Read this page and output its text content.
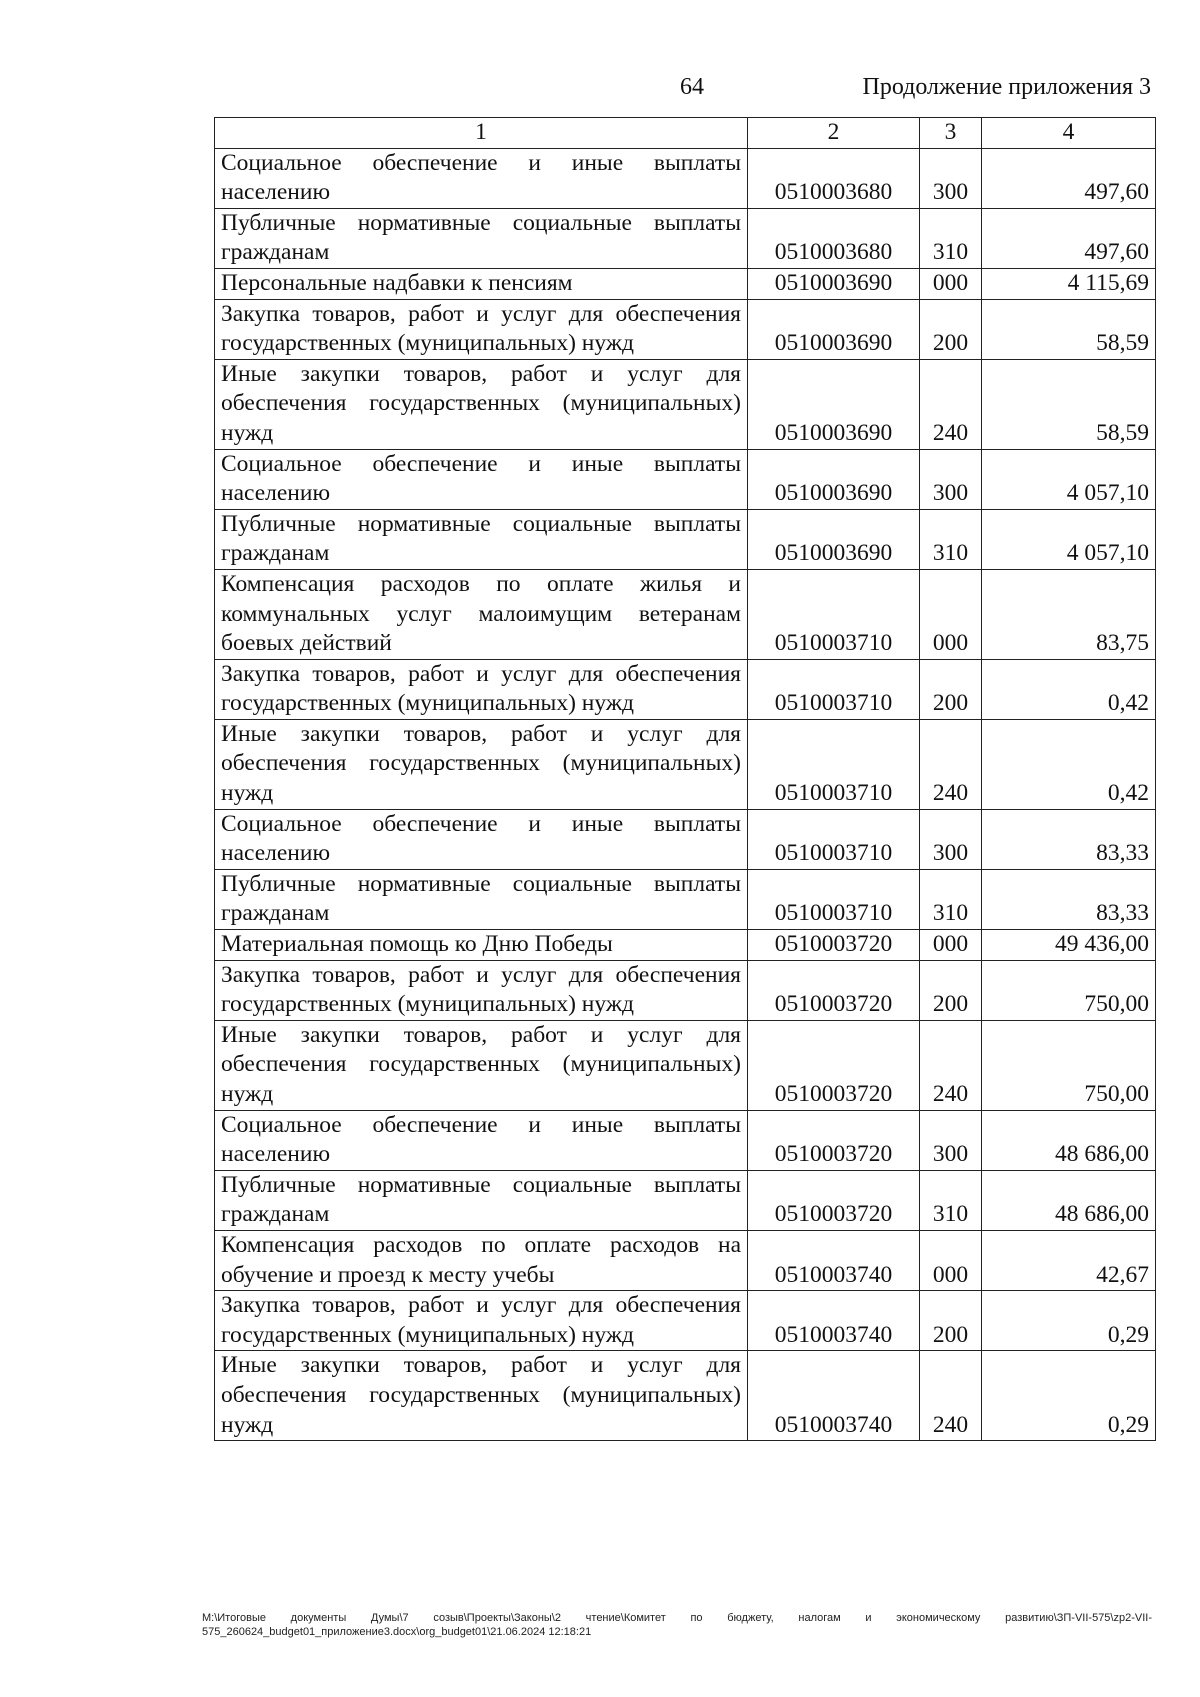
64	Продолжение приложения 3
1	2	3	4
Социальное обеспечение и иные выплаты населению	0510003680	300	497,60
Публичные нормативные социальные выплаты гражданам	0510003680	310	497,60
Персональные надбавки к пенсиям	0510003690	000	4 115,69
Закупка товаров, работ и услуг для обеспечения государственных (муниципальных) нужд	0510003690	200	58,59
Иные закупки товаров, работ и услуг для обеспечения государственных (муниципальных) нужд	0510003690	240	58,59
Социальное обеспечение и иные выплаты населению	0510003690	300	4 057,10
Публичные нормативные социальные выплаты гражданам	0510003690	310	4 057,10
Компенсация расходов по оплате жилья и коммунальных услуг малоимущим ветеранам боевых действий	0510003710	000	83,75
Закупка товаров, работ и услуг для обеспечения государственных (муниципальных) нужд	0510003710	200	0,42
Иные закупки товаров, работ и услуг для обеспечения государственных (муниципальных) нужд	0510003710	240	0,42
Социальное обеспечение и иные выплаты населению	0510003710	300	83,33
Публичные нормативные социальные выплаты гражданам	0510003710	310	83,33
Материальная помощь ко Дню Победы	0510003720	000	49 436,00
Закупка товаров, работ и услуг для обеспечения государственных (муниципальных) нужд	0510003720	200	750,00
Иные закупки товаров, работ и услуг для обеспечения государственных (муниципальных) нужд	0510003720	240	750,00
Социальное обеспечение и иные выплаты населению	0510003720	300	48 686,00
Публичные нормативные социальные выплаты гражданам	0510003720	310	48 686,00
Компенсация расходов по оплате расходов на обучение и проезд к месту учебы	0510003740	000	42,67
Закупка товаров, работ и услуг для обеспечения государственных (муниципальных) нужд	0510003740	200	0,29
Иные закупки товаров, работ и услуг для обеспечения государственных (муниципальных) нужд	0510003740	240	0,29
M:\Итоговые документы Думы\7 созыв\Проекты\Законы\2 чтение\Комитет по бюджету, налогам и экономическому развитию\ЗП-VII-575\zp2-VII-575_260624_budget01_приложение3.docx\org_budget01\21.06.2024 12:18:21
